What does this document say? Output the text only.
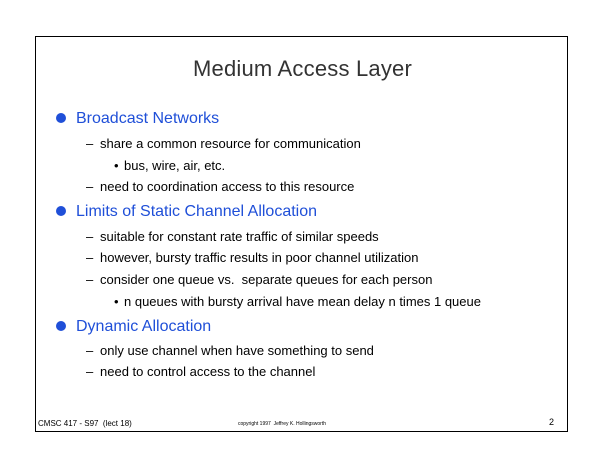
Medium Access Layer
Broadcast Networks
– share a common resource for communication
• bus, wire, air, etc.
– need to coordination access to this resource
Limits of Static Channel Allocation
– suitable for constant rate traffic of similar speeds
– however, bursty traffic results in poor channel utilization
– consider one queue vs.  separate queues for each person
• n queues with bursty arrival have mean delay n times 1 queue
Dynamic Allocation
– only use channel when have something to send
– need to control access to the channel
CMSC 417 - S97  (lect 18)	copyright 1997  Jeffrey K. Hollingsworth	2
